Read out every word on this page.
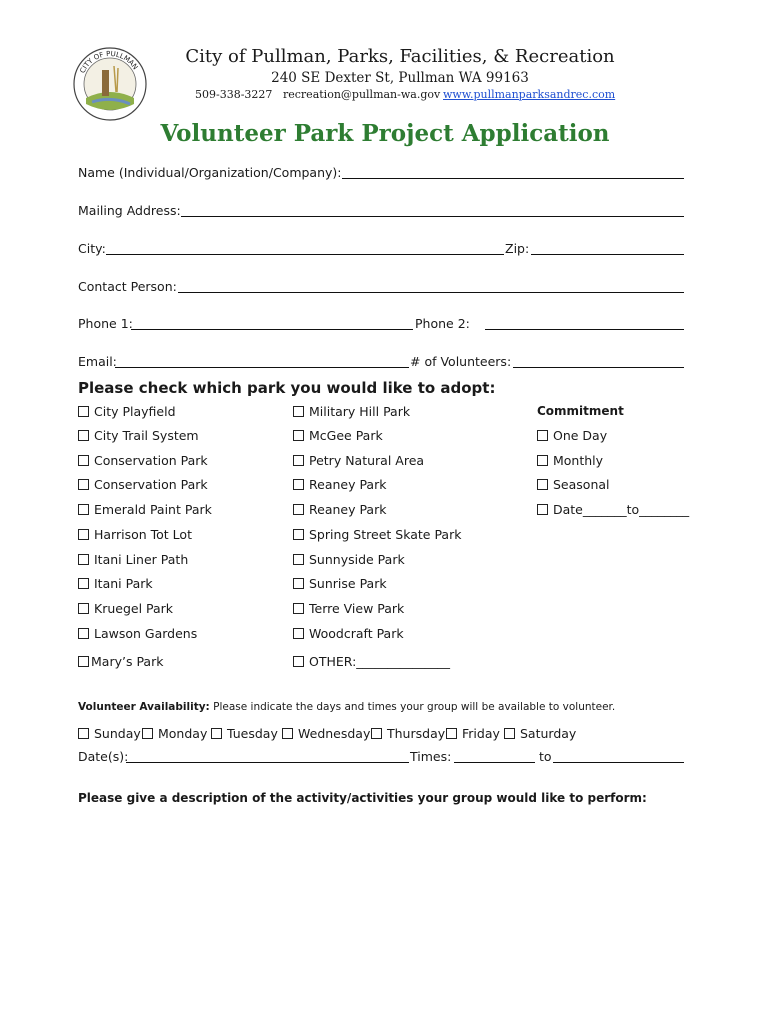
CITY OF PULLMAN	City of Pullman, Parks, Facilities, & Recreation
240 SE Dexter St, Pullman WA 99163
509-338-3227 recreation@pullman-wa.gov www.pullmanparksandrec.com
Volunteer Park Project Application
Name (Individual/Organization/Company):
Mailing Address:
City:	Zip:
Contact Person:
Phone 1:	Phone 2:
Email:	# of Volunteers:
Please check which park you would like to adopt:
City Playfield
City Trail System
Conservation Park
Conservation Park
Emerald Paint Park
Harrison Tot Lot
Itani Liner Path
Itani Park
Kruegel Park
Lawson Gardens
Mary’s Park
Military Hill Park
McGee Park
Petry Natural Area
Reaney Park
Reaney Park
Spring Street Skate Park
Sunnyside Park
Sunrise Park
Terre View Park
Woodcraft Park
OTHER:_______________
Commitment
One Day
Monthly
Seasonal
Date_______to________
Volunteer Availability: Please indicate the days and times your group will be available to volunteer.
Sunday	Monday	Tuesday	Wednesday	Thursday	Friday	Saturday
Date(s):	Times:	to
Please give a description of the activity/activities your group would like to perform:
